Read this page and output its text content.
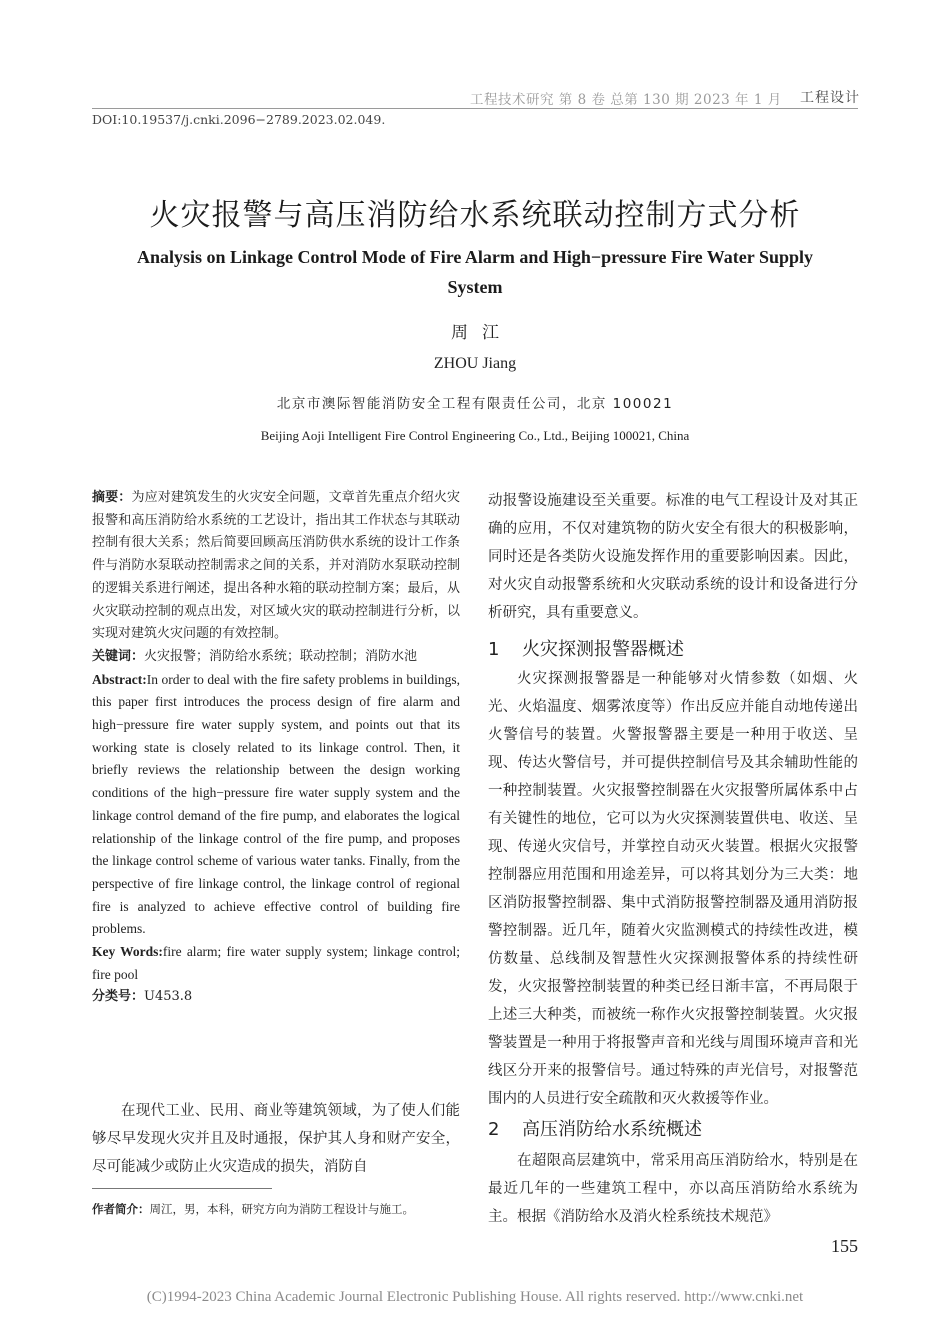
工程技术研究 第 8 卷 总第 130 期 2023 年 1 月 工程设计
DOI:10.19537/j.cnki.2096−2789.2023.02.049.
火灾报警与高压消防给水系统联动控制方式分析
Analysis on Linkage Control Mode of Fire Alarm and High−pressure Fire Water Supply System
周江
ZHOU Jiang
北京市澳际智能消防安全工程有限责任公司，北京 100021
Beijing Aoji Intelligent Fire Control Engineering Co., Ltd., Beijing 100021, China

摘要：为应对建筑发生的火灾安全问题，文章首先重点介绍火灾报警和高压消防给水系统的工艺设计，指出其工作状态与其联动控制有很大关系；然后简要回顾高压消防供水系统的设计工作条件与消防水泵联动控制需求之间的关系，并对消防水泵联动控制的逻辑关系进行阐述，提出各种水箱的联动控制方案；最后，从火灾联动控制的观点出发，对区域火灾的联动控制进行分析，以实现对建筑火灾问题的有效控制。

关键词：火灾报警；消防给水系统；联动控制；消防水池

Abstract:In order to deal with the fire safety problems in buildings, this paper first introduces the process design of fire alarm and high−pressure fire water supply system, and points out that its working state is closely related to its linkage control. Then, it briefly reviews the relationship between the design working conditions of the high−pressure fire water supply system and the linkage control demand of the fire pump, and elaborates the logical relationship of the linkage control of the fire pump, and proposes the linkage control scheme of various water tanks. Finally, from the perspective of fire linkage control, the linkage control of regional fire is analyzed to achieve effective control of building fire problems.

Key Words:fire alarm; fire water supply system; linkage control; fire pool

分类号：U453.8

在现代工业、民用、商业等建筑领域，为了使人们能够尽早发现火灾并且及时通报，保护其人身和财产安全，尽可能减少或防止火灾造成的损失，消防自
作者简介：周江，男，本科，研究方向为消防工程设计与施工。

动报警设施建设至关重要。标准的电气工程设计及对其正确的应用，不仅对建筑物的防火安全有很大的积极影响，同时还是各类防火设施发挥作用的重要影响因素。因此，对火灾自动报警系统和火灾联动系统的设计和设备进行分析研究，具有重要意义。

1 火灾探测报警器概述

火灾探测报警器是一种能够对火情参数（如烟、火光、火焰温度、烟雾浓度等）作出反应并能自动地传递出火警信号的装置。火警报警器主要是一种用于收送、呈现、传达火警信号，并可提供控制信号及其余辅助性能的一种控制装置。火灾报警控制器在火灾报警所属体系中占有关键性的地位，它可以为火灾探测装置供电、收送、呈现、传递火灾信号，并掌控自动灭火装置。根据火灾报警控制器应用范围和用途差异，可以将其划分为三大类：地区消防报警控制器、集中式消防报警控制器及通用消防报警控制器。近几年，随着火灾监测模式的持续性改进，模仿数量、总线制及智慧性火灾探测报警体系的持续性研发，火灾报警控制装置的种类已经日渐丰富，不再局限于上述三大种类，而被统一称作火灾报警控制装置。火灾报警装置是一种用于将报警声音和光线与周围环境声音和光线区分开来的报警信号。通过特殊的声光信号，对报警范围内的人员进行安全疏散和灭火救援等作业。

2 高压消防给水系统概述

在超限高层建筑中，常采用高压消防给水，特别是在最近几年的一些建筑工程中，亦以高压消防给水系统为主。根据《消防给水及消火栓系统技术规范》

155
(C)1994-2023 China Academic Journal Electronic Publishing House. All rights reserved. http://www.cnki.net
